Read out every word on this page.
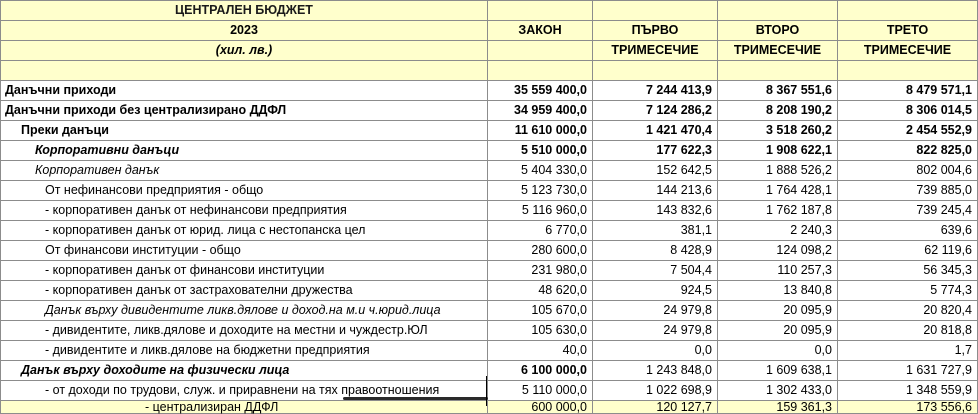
ЦЕНТРАЛЕН БЮДЖЕТ				
2023	ЗАКОН	ПЪРВО	ВТОРО	ТРЕТО
(хил. лв.)		ТРИМЕСЕЧИЕ	ТРИМЕСЕЧИЕ	ТРИМЕСЕЧИЕ

Данъчни приходи	35 559 400,0	7 244 413,9	8 367 551,6	8 479 571,1
Данъчни приходи без централизирано ДДФЛ	34 959 400,0	7 124 286,2	8 208 190,2	8 306 014,5
Преки данъци	11 610 000,0	1 421 470,4	3 518 260,2	2 454 552,9
Корпоративни данъци	5 510 000,0	177 622,3	1 908 622,1	822 825,0
Корпоративен данък	5 404 330,0	152 642,5	1 888 526,2	802 004,6
От нефинансови предприятия - общо	5 123 730,0	144 213,6	1 764 428,1	739 885,0
- корпоративен данък от нефинансови предприятия	5 116 960,0	143 832,6	1 762 187,8	739 245,4
- корпоративен данък от юрид. лица с нестопанска цел	6 770,0	381,1	2 240,3	639,6
От финансови институции - общо	280 600,0	8 428,9	124 098,2	62 119,6
- корпоративен данък от финансови институции	231 980,0	7 504,4	110 257,3	56 345,3
- корпоративен данък от застрахователни дружества	48 620,0	924,5	13 840,8	5 774,3
Данък върху дивидентите ликв.дялове и доход.на м.и ч.юрид.лица	105 670,0	24 979,8	20 095,9	20 820,4
- дивидентите, ликв.дялове и доходите на местни и чуждестр.ЮЛ	105 630,0	24 979,8	20 095,9	20 818,8
- дивидентите и ликв.дялове на бюджетни предприятия	40,0	0,0	0,0	1,7
Данък върху доходите на физически лица	6 100 000,0	1 243 848,0	1 609 638,1	1 631 727,9
- от доходи по трудови, служ. и приравнени на тях правоотношения	5 110 000,0	1 022 698,9	1 302 433,0	1 348 559,9
- централизиран ДДФЛ	600 000,0	120 127,7	159 361,3	173 556,6
